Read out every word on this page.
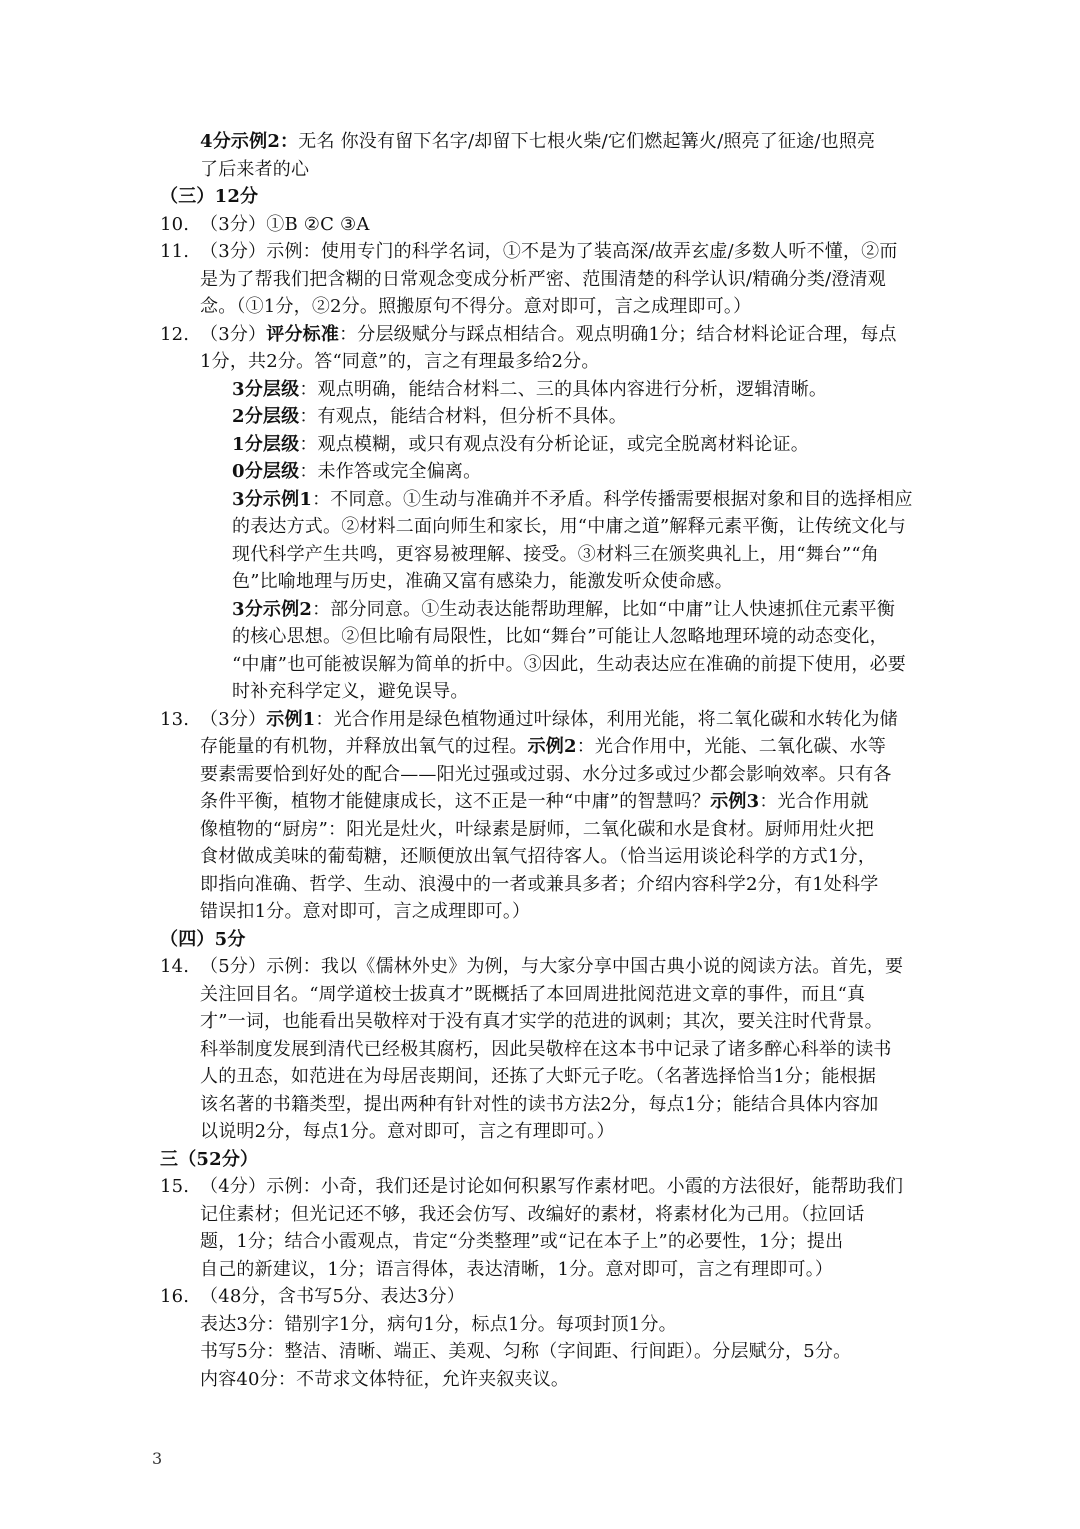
4分示例2：无名 你没有留下名字/却留下七根火柴/它们燃起篝火/照亮了征途/也照亮
了后来者的心
（三）12分
10. （3分）①B ②C ③A
11. （3分）示例：使用专门的科学名词，①不是为了装高深/故弄玄虚/多数人听不懂，②而
是为了帮我们把含糊的日常观念变成分析严密、范围清楚的科学认识/精确分类/澄清观
念。（①1分，②2分。照搬原句不得分。意对即可，言之成理即可。）
12. （3分）评分标准：分层级赋分与踩点相结合。观点明确1分；结合材料论证合理，每点
1分，共2分。答“同意”的，言之有理最多给2分。
3分层级：观点明确，能结合材料二、三的具体内容进行分析，逻辑清晰。
2分层级：有观点，能结合材料，但分析不具体。
1分层级：观点模糊，或只有观点没有分析论证，或完全脱离材料论证。
0分层级：未作答或完全偏离。
3分示例1：不同意。①生动与准确并不矛盾。科学传播需要根据对象和目的选择相应
的表达方式。②材料二面向师生和家长，用“中庸之道”解释元素平衡，让传统文化与
现代科学产生共鸣，更容易被理解、接受。③材料三在颁奖典礼上，用“舞台”“角
色”比喻地理与历史，准确又富有感染力，能激发听众使命感。
3分示例2：部分同意。①生动表达能帮助理解，比如“中庸”让人快速抓住元素平衡
的核心思想。②但比喻有局限性，比如“舞台”可能让人忽略地理环境的动态变化，
“中庸”也可能被误解为简单的折中。③因此，生动表达应在准确的前提下使用，必要
时补充科学定义，避免误导。
13. （3分）示例1：光合作用是绿色植物通过叶绿体，利用光能，将二氧化碳和水转化为储
存能量的有机物，并释放出氧气的过程。示例2：光合作用中，光能、二氧化碳、水等
要素需要恰到好处的配合——阳光过强或过弱、水分过多或过少都会影响效率。只有各
条件平衡，植物才能健康成长，这不正是一种“中庸”的智慧吗？示例3：光合作用就
像植物的“厨房”：阳光是灶火，叶绿素是厨师，二氧化碳和水是食材。厨师用灶火把
食材做成美味的葡萄糖，还顺便放出氧气招待客人。（恰当运用谈论科学的方式1分，
即指向准确、哲学、生动、浪漫中的一者或兼具多者；介绍内容科学2分，有1处科学
错误扣1分。意对即可，言之成理即可。）
（四）5分
14. （5分）示例：我以《儒林外史》为例，与大家分享中国古典小说的阅读方法。首先，要
关注回目名。“周学道校士拔真才”既概括了本回周进批阅范进文章的事件，而且“真
才”一词，也能看出吴敬梓对于没有真才实学的范进的讽刺；其次，要关注时代背景。
科举制度发展到清代已经极其腐朽，因此吴敬梓在这本书中记录了诸多醉心科举的读书
人的丑态，如范进在为母居丧期间，还拣了大虾元子吃。（名著选择恰当1分；能根据
该名著的书籍类型，提出两种有针对性的读书方法2分，每点1分；能结合具体内容加
以说明2分，每点1分。意对即可，言之有理即可。）
三（52分）
15. （4分）示例：小奇，我们还是讨论如何积累写作素材吧。小霞的方法很好，能帮助我们
记住素材；但光记还不够，我还会仿写、改编好的素材，将素材化为己用。（拉回话
题，1分；结合小霞观点，肯定“分类整理”或“记在本子上”的必要性，1分；提出
自己的新建议，1分；语言得体，表达清晰，1分。意对即可，言之有理即可。）
16. （48分，含书写5分、表达3分）
表达3分：错别字1分，病句1分，标点1分。每项封顶1分。
书写5分：整洁、清晰、端正、美观、匀称（字间距、行间距）。分层赋分，5分。
内容40分：不苛求文体特征，允许夹叙夹议。
3
